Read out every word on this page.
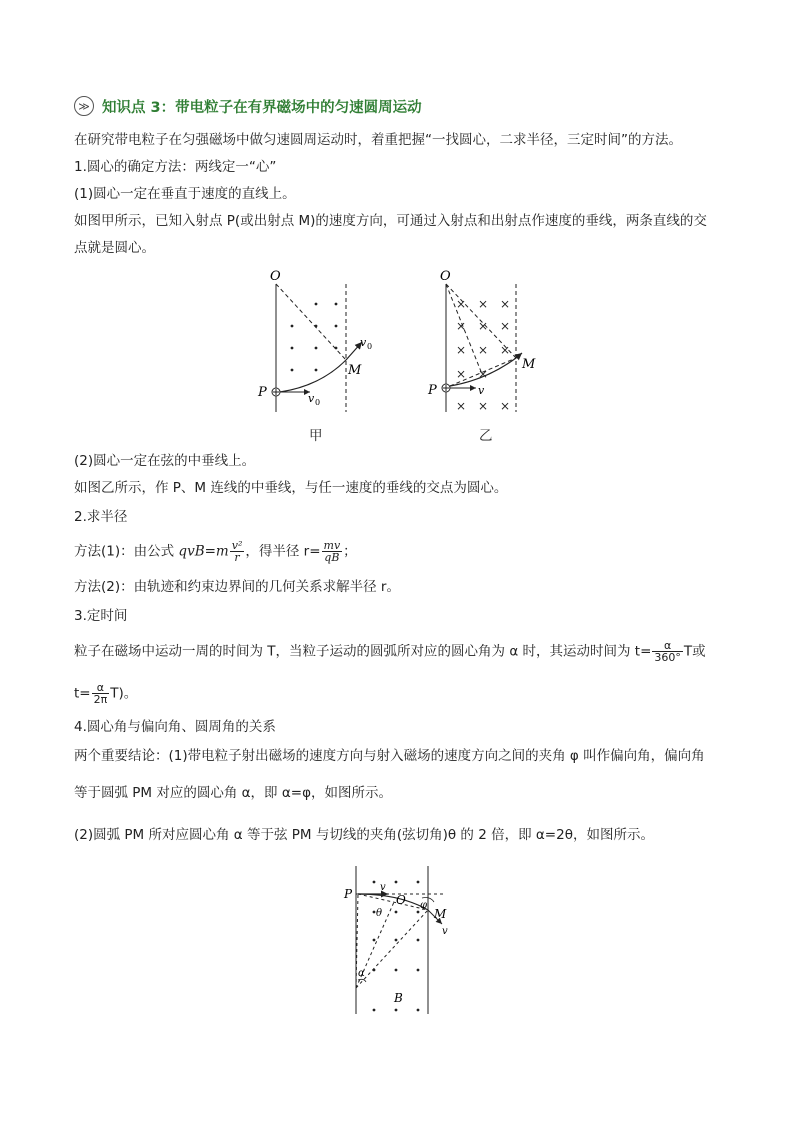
≫ 知识点 3：带电粒子在有界磁场中的匀速圆周运动
在研究带电粒子在匀强磁场中做匀速圆周运动时，着重把握“一找圆心，二求半径，三定时间”的方法。
1.圆心的确定方法：两线定一“心”
(1)圆心一定在垂直于速度的直线上。
如图甲所示，已知入射点 P(或出射点 M)的速度方向，可通过入射点和出射点作速度的垂线，两条直线的交
点就是圆心。
O
P
M
v 0
v 0
甲
× × ×
× × ×
× × ×
× ×
× × ×
O
P
M
v
乙
(2)圆心一定在弦的中垂线上。
如图乙所示，作 P、M 连线的中垂线，与任一速度的垂线的交点为圆心。
2.求半径
方法(1)：由公式 $qvB=m \frac{\text{v²}}{r}$ ，得半径 $r= \frac{mv}{qB}$ ；
方法(2)：由轨迹和约束边界间的几何关系求解半径 r。
3.定时间
粒子在磁场中运动一周的时间为 T，当粒子运动的圆弧所对应的圆心角为 α 时，其运动时间为 $t= \frac{\alpha}{360^\circ}$ T或
$t= \frac{\alpha}{2\pi} T$)。
4.圆心角与偏向角、圆周角的关系
两个重要结论：(1)带电粒子射出磁场的速度方向与射入磁场的速度方向之间的夹角 φ 叫作偏向角，偏向角
等于圆弧 PM 对应的圆心角 α，即 α=φ，如图所示。
(2)圆弧 PM 所对应圆心角 α 等于弦 PM 与切线的夹角(弦切角)θ 的 2 倍，即 α=2θ，如图所示。
P
M
O
v
v
θ
φ
α
B
